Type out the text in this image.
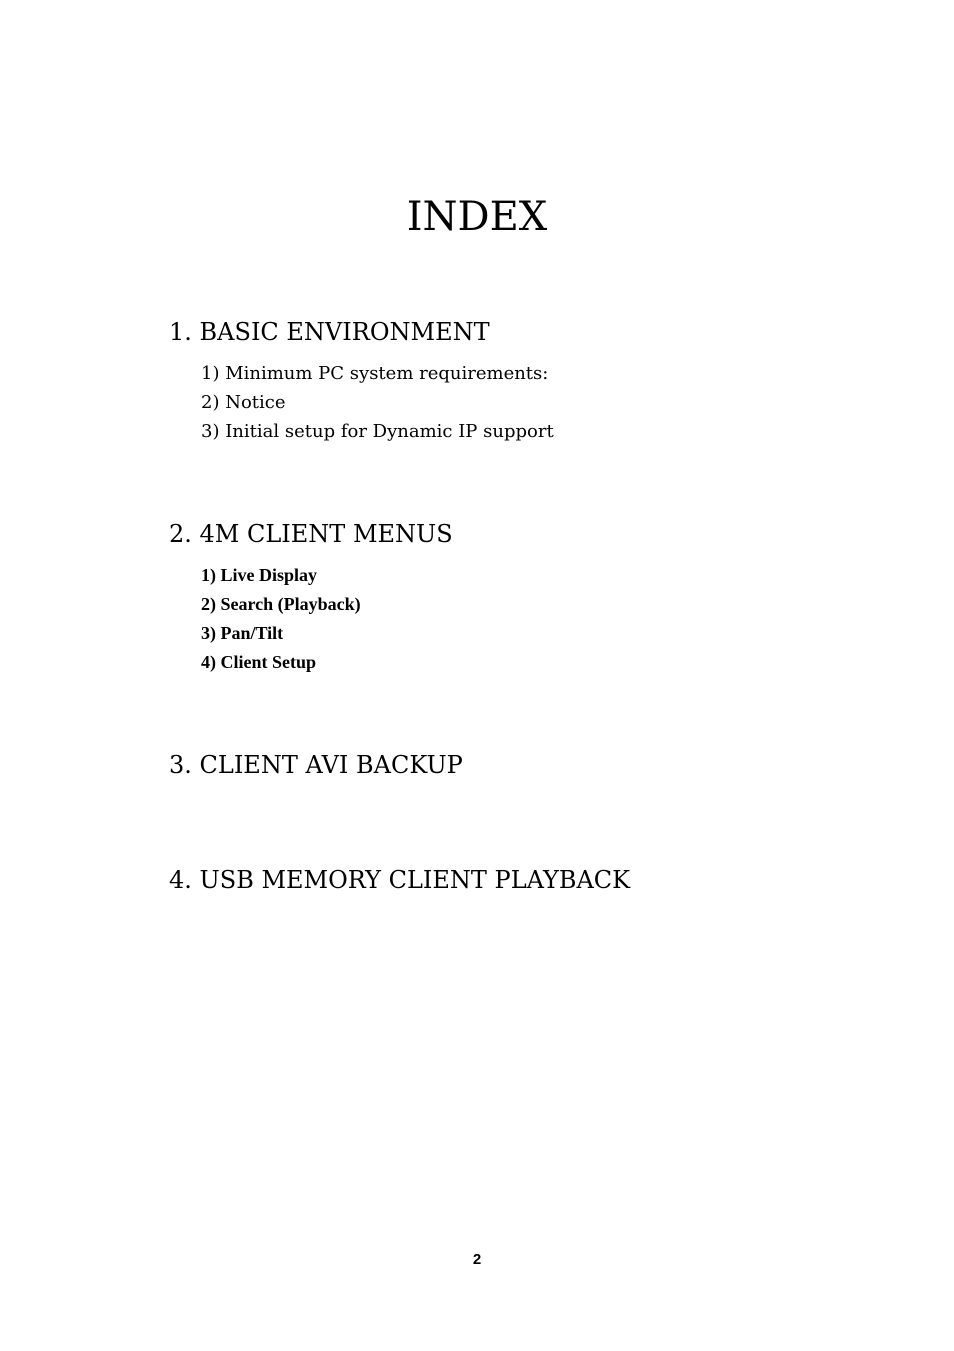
INDEX
1. BASIC ENVIRONMENT
1) Minimum PC system requirements:
2) Notice
3) Initial setup for Dynamic IP support
2. 4M CLIENT MENUS
1) Live Display
2) Search (Playback)
3) Pan/Tilt
4) Client Setup
3. CLIENT AVI BACKUP
4. USB MEMORY CLIENT PLAYBACK
2
